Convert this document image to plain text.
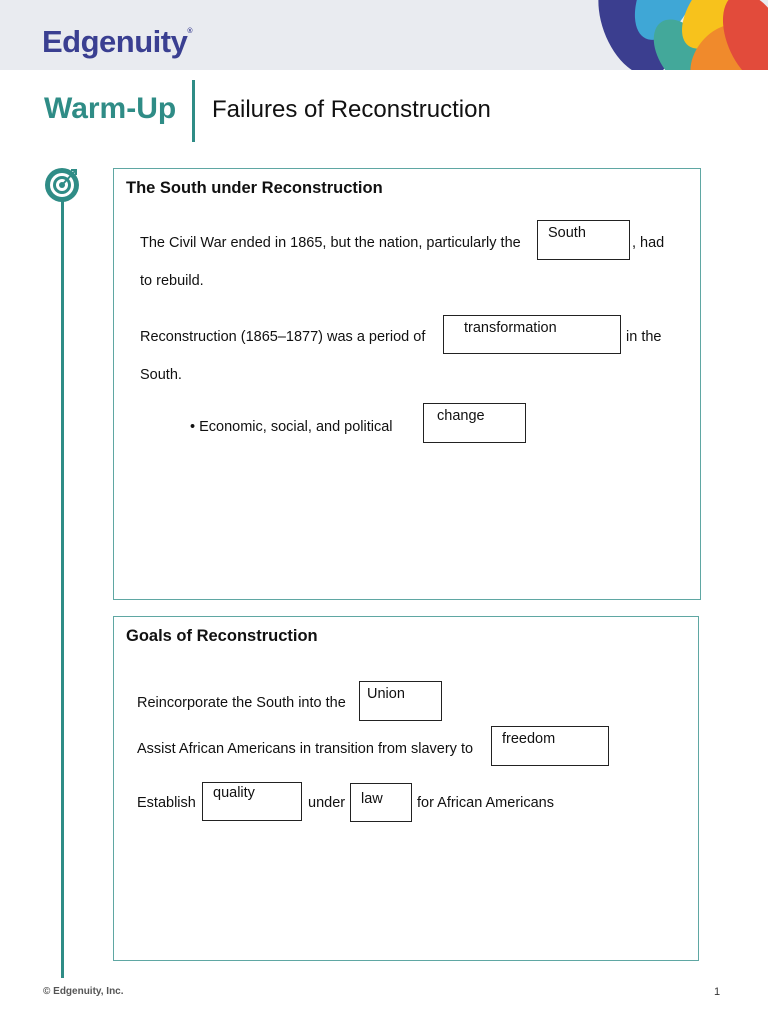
Edgenuity®
Warm-Up Failures of Reconstruction
The South under Reconstruction
The Civil War ended in 1865, but the nation, particularly the
South
, had
to rebuild.
Reconstruction (1865–1877) was a period of
transformation
in the
South.
• Economic, social, and political
change
Goals of Reconstruction
Reincorporate the South into the
Union
Assist African Americans in transition from slavery to
freedom
Establish
quality
under	law	for African Americans
© Edgenuity, Inc.	1
